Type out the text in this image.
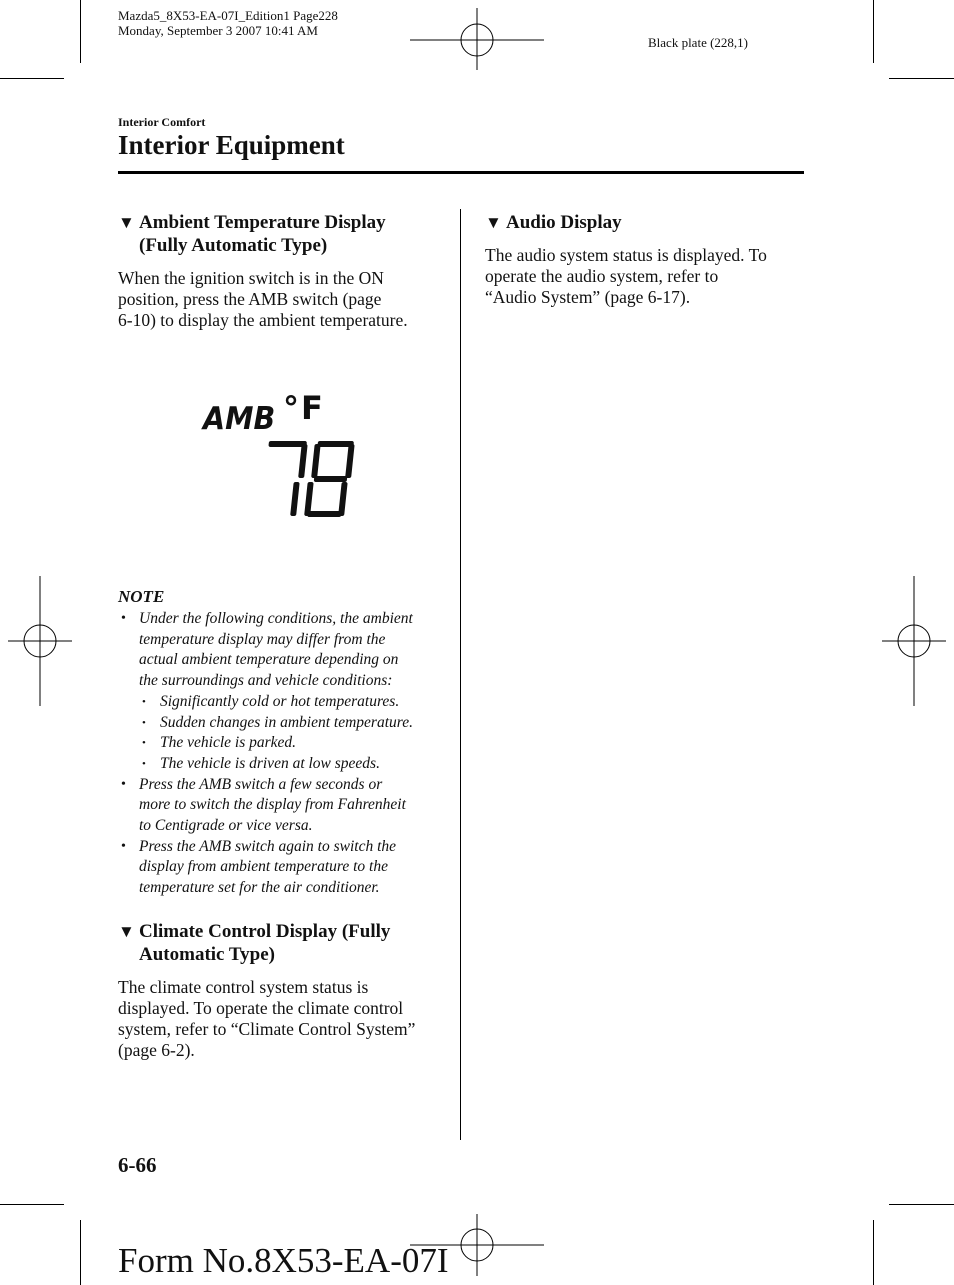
Mazda5_8X53-EA-07I_Edition1 Page228
Monday, September 3 2007 10:41 AM
Black plate (228,1)
Interior Comfort
Interior Equipment
▼ Ambient Temperature Display
(Fully Automatic Type)
When the ignition switch is in the ON
position, press the AMB switch (page
6-10) to display the ambient temperature.
AMB °F
NOTE
• Under the following conditions, the ambient
temperature display may differ from the
actual ambient temperature depending on
the surroundings and vehicle conditions:
• Significantly cold or hot temperatures.
• Sudden changes in ambient temperature.
• The vehicle is parked.
• The vehicle is driven at low speeds.
• Press the AMB switch a few seconds or
more to switch the display from Fahrenheit
to Centigrade or vice versa.
• Press the AMB switch again to switch the
display from ambient temperature to the
temperature set for the air conditioner.
▼ Climate Control Display (Fully
Automatic Type)
The climate control system status is
displayed. To operate the climate control
system, refer to “Climate Control System”
(page 6-2).
▼ Audio Display
The audio system status is displayed. To
operate the audio system, refer to
“Audio System” (page 6-17).
6-66
Form No.8X53-EA-07I
